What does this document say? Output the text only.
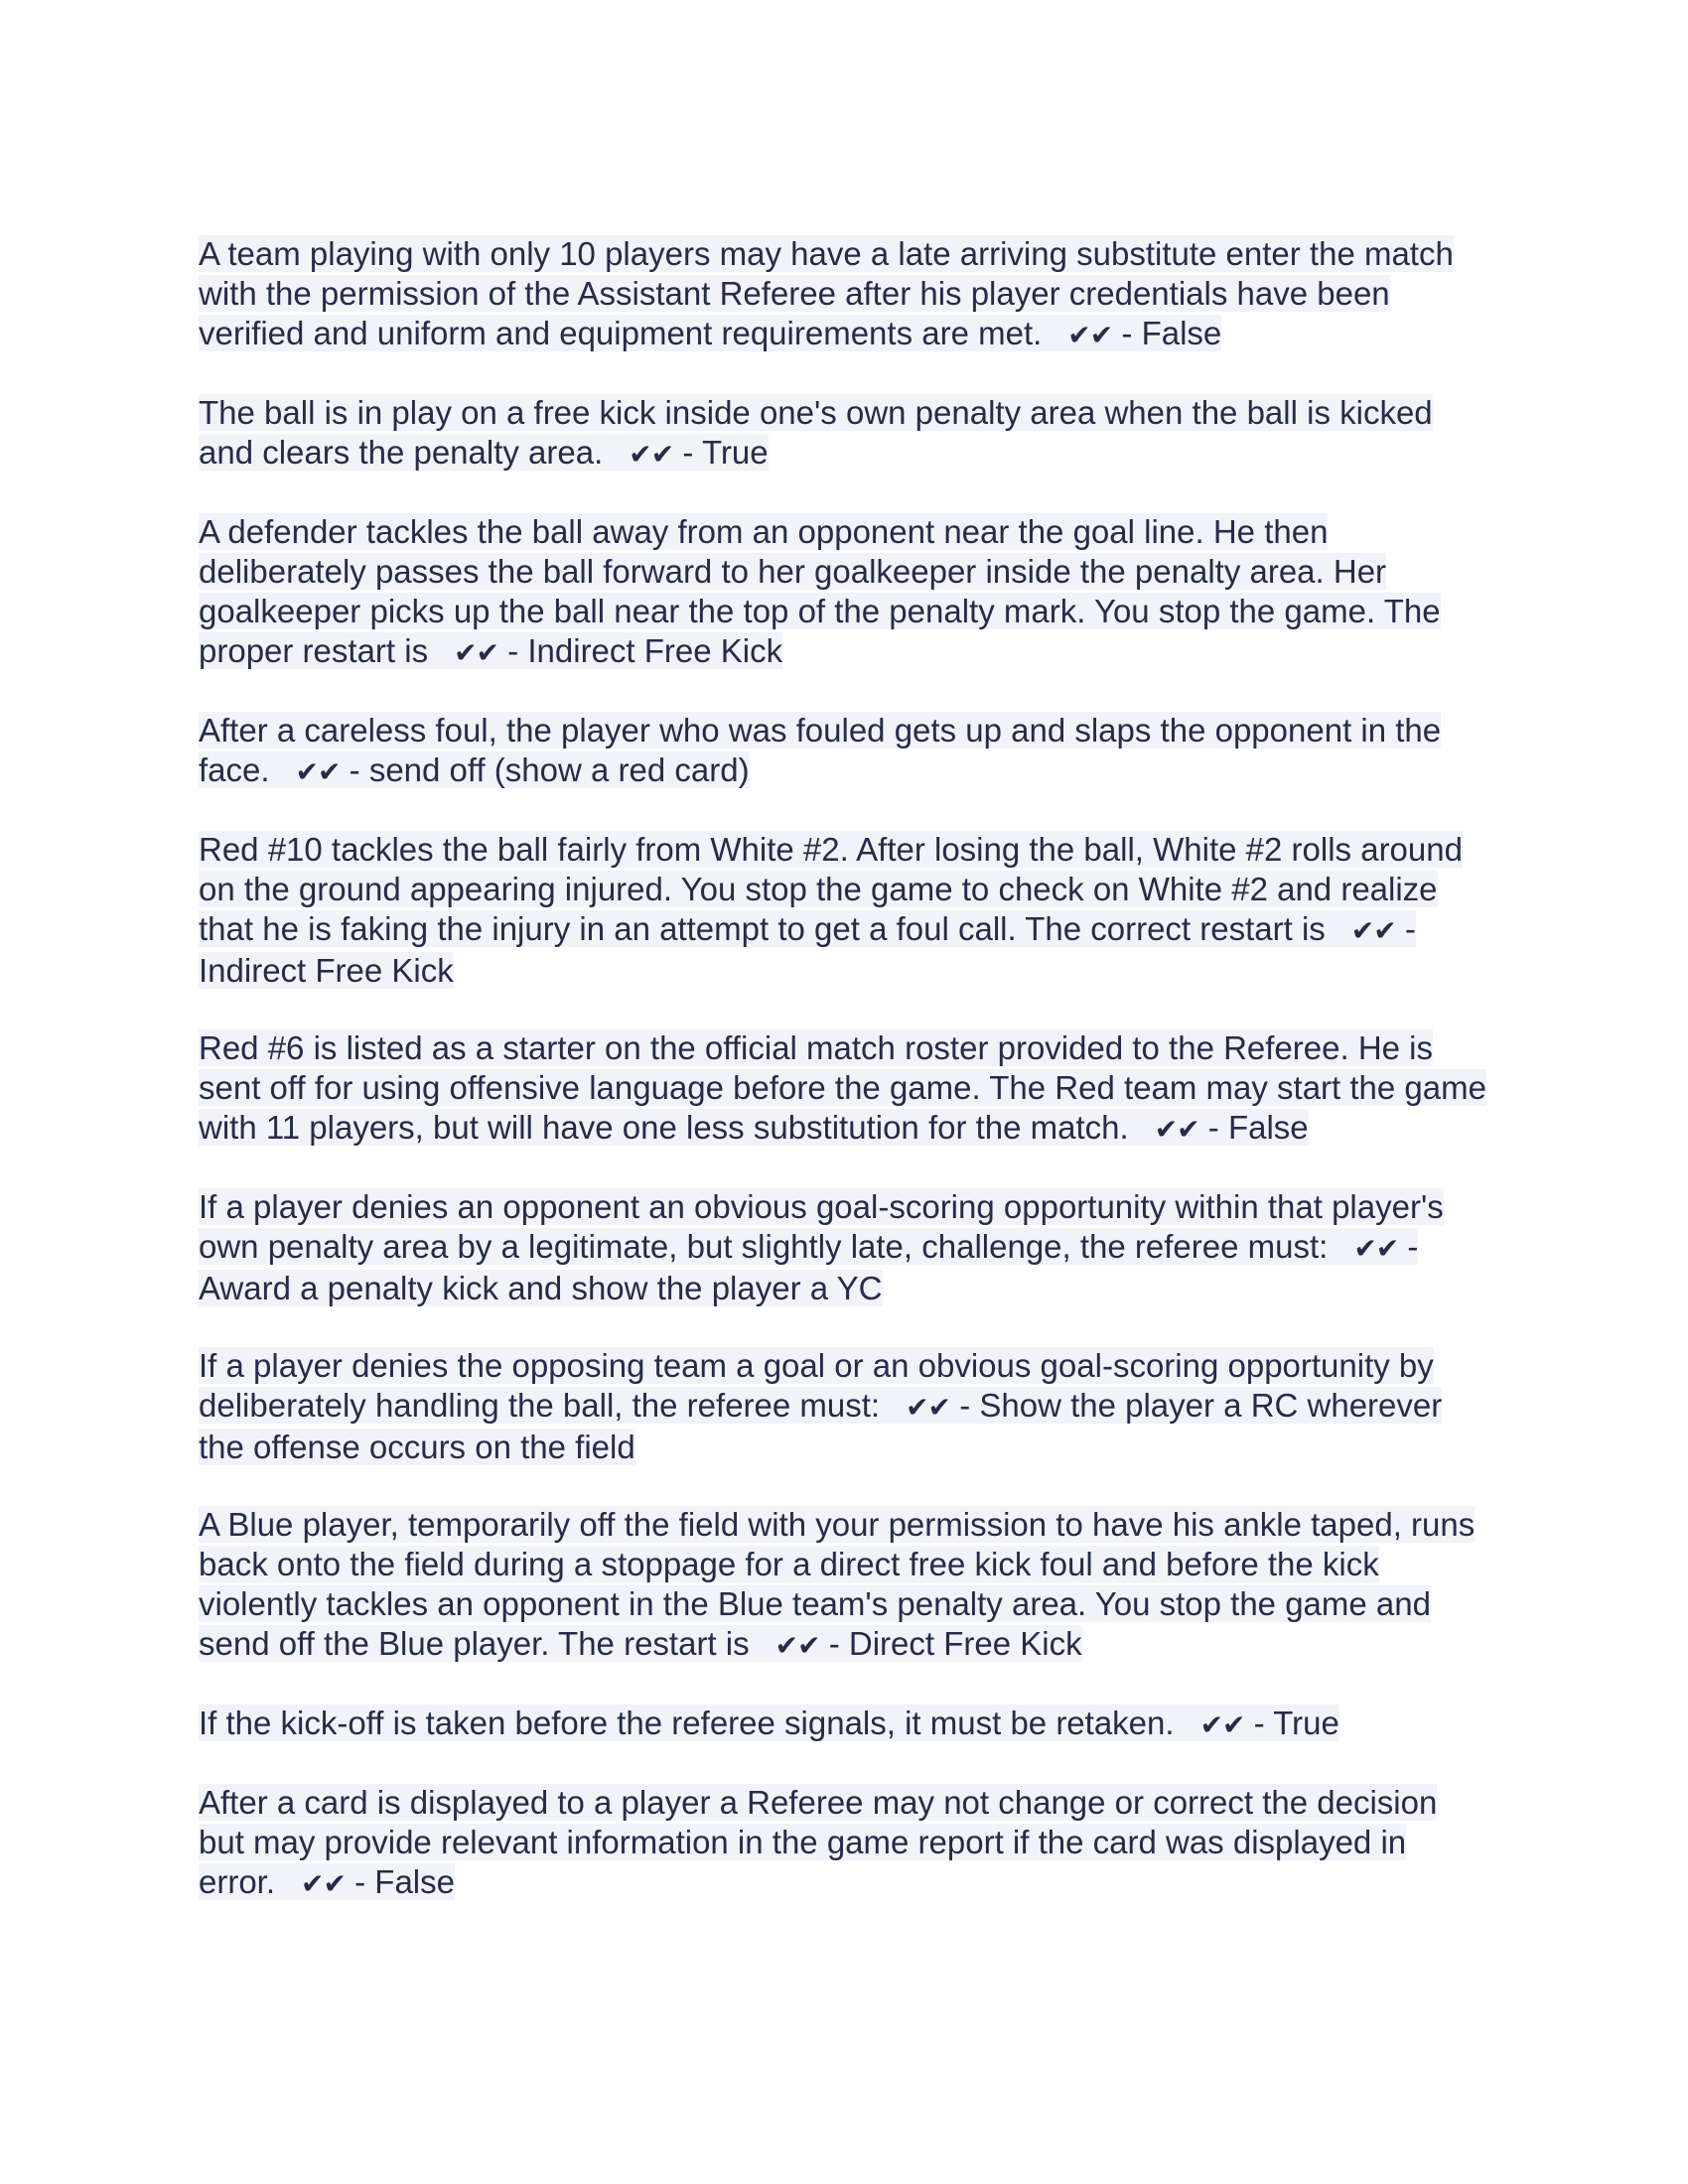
A team playing with only 10 players may have a late arriving substitute enter the match with the permission of the Assistant Referee after his player credentials have been verified and uniform and equipment requirements are met. ✔✔ - False

The ball is in play on a free kick inside one's own penalty area when the ball is kicked and clears the penalty area. ✔✔ - True

A defender tackles the ball away from an opponent near the goal line. He then deliberately passes the ball forward to her goalkeeper inside the penalty area. Her goalkeeper picks up the ball near the top of the penalty mark. You stop the game. The proper restart is ✔✔ - Indirect Free Kick

After a careless foul, the player who was fouled gets up and slaps the opponent in the face. ✔✔ - send off (show a red card)

Red #10 tackles the ball fairly from White #2. After losing the ball, White #2 rolls around on the ground appearing injured. You stop the game to check on White #2 and realize that he is faking the injury in an attempt to get a foul call. The correct restart is ✔✔ - Indirect Free Kick

Red #6 is listed as a starter on the official match roster provided to the Referee. He is sent off for using offensive language before the game. The Red team may start the game with 11 players, but will have one less substitution for the match. ✔✔ - False

If a player denies an opponent an obvious goal-scoring opportunity within that player's own penalty area by a legitimate, but slightly late, challenge, the referee must: ✔✔ - Award a penalty kick and show the player a YC

If a player denies the opposing team a goal or an obvious goal-scoring opportunity by deliberately handling the ball, the referee must: ✔✔ - Show the player a RC wherever the offense occurs on the field

A Blue player, temporarily off the field with your permission to have his ankle taped, runs back onto the field during a stoppage for a direct free kick foul and before the kick violently tackles an opponent in the Blue team's penalty area. You stop the game and send off the Blue player. The restart is ✔✔ - Direct Free Kick

If the kick-off is taken before the referee signals, it must be retaken. ✔✔ - True

After a card is displayed to a player a Referee may not change or correct the decision but may provide relevant information in the game report if the card was displayed in error. ✔✔ - False
